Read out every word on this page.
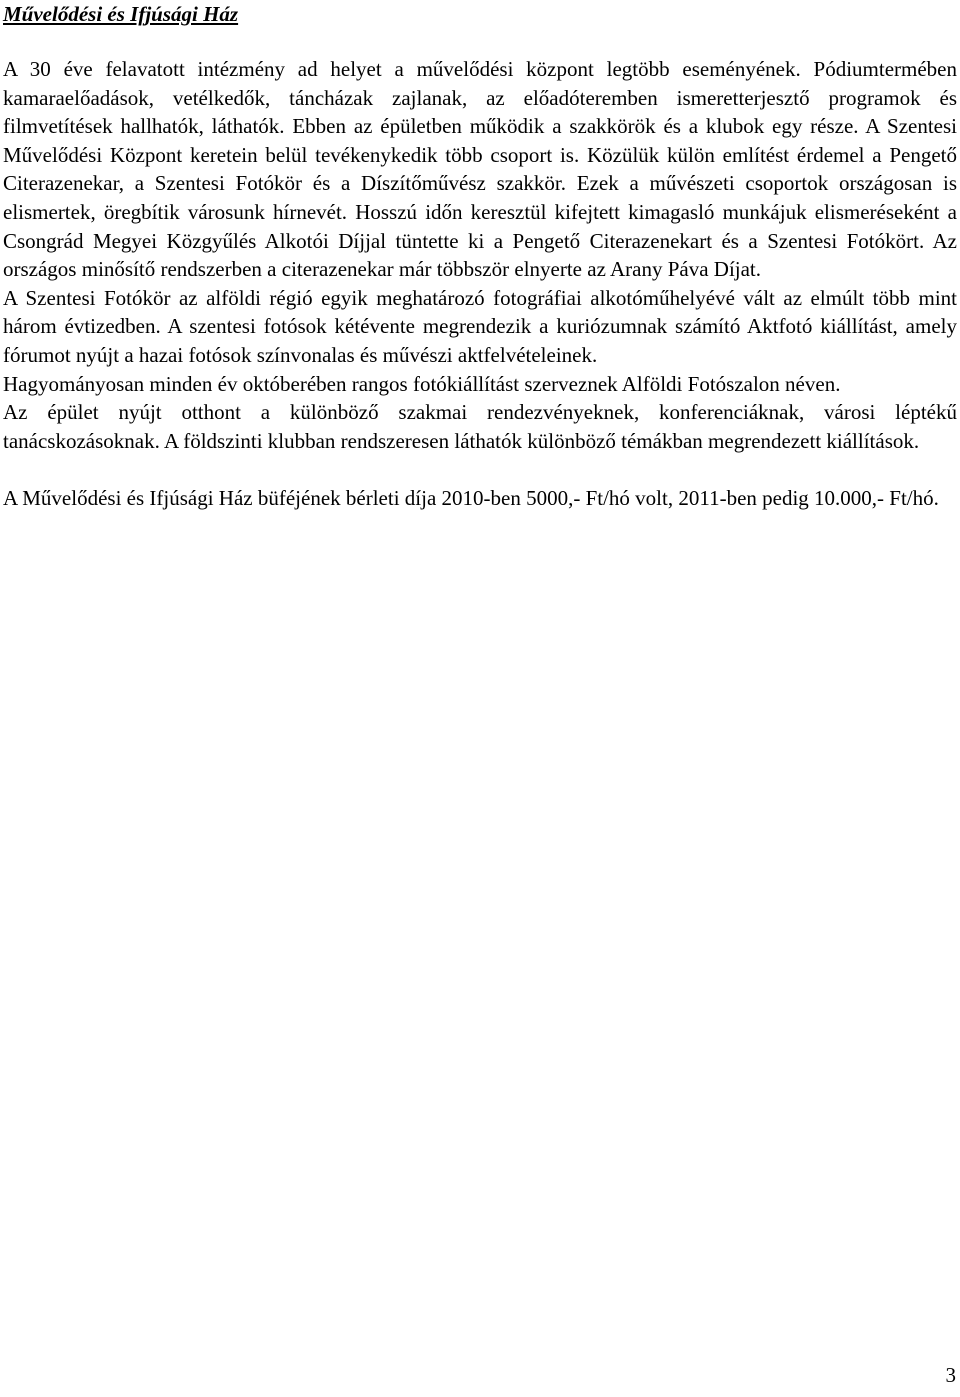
Művelődési és Ifjúsági Ház

A 30 éve felavatott intézmény ad helyet a művelődési központ legtöbb eseményének. Pódiumtermében kamaraelőadások, vetélkedők, táncházak zajlanak, az előadóteremben ismeretterjesztő programok és filmvetítések hallhatók, láthatók. Ebben az épületben működik a szakkörök és a klubok egy része. A Szentesi Művelődési Központ keretein belül tevékenykedik több csoport is. Közülük külön említést érdemel a Pengető Citerazenekar, a Szentesi Fotókör és a Díszítőművész szakkör. Ezek a művészeti csoportok országosan is elismertek, öregbítik városunk hírnevét. Hosszú időn keresztül kifejtett kimagasló munkájuk elismeréseként a Csongrád Megyei Közgyűlés Alkotói Díjjal tüntette ki a Pengető Citerazenekart és a Szentesi Fotókört. Az országos minősítő rendszerben a citerazenekar már többször elnyerte az Arany Páva Díjat.

A Szentesi Fotókör az alföldi régió egyik meghatározó fotográfiai alkotóműhelyévé vált az elmúlt több mint három évtizedben. A szentesi fotósok kétévente megrendezik a kuriózumnak számító Aktfotó kiállítást, amely fórumot nyújt a hazai fotósok színvonalas és művészi aktfelvételeinek.

Hagyományosan minden év októberében rangos fotókiállítást szerveznek Alföldi Fotószalon néven.

Az épület nyújt otthont a különböző szakmai rendezvényeknek, konferenciáknak, városi léptékű tanácskozásoknak. A földszinti klubban rendszeresen láthatók különböző témákban megrendezett kiállítások.

A Művelődési és Ifjúsági Ház büféjének bérleti díja 2010-ben 5000,- Ft/hó volt, 2011-ben pedig 10.000,- Ft/hó.

3
